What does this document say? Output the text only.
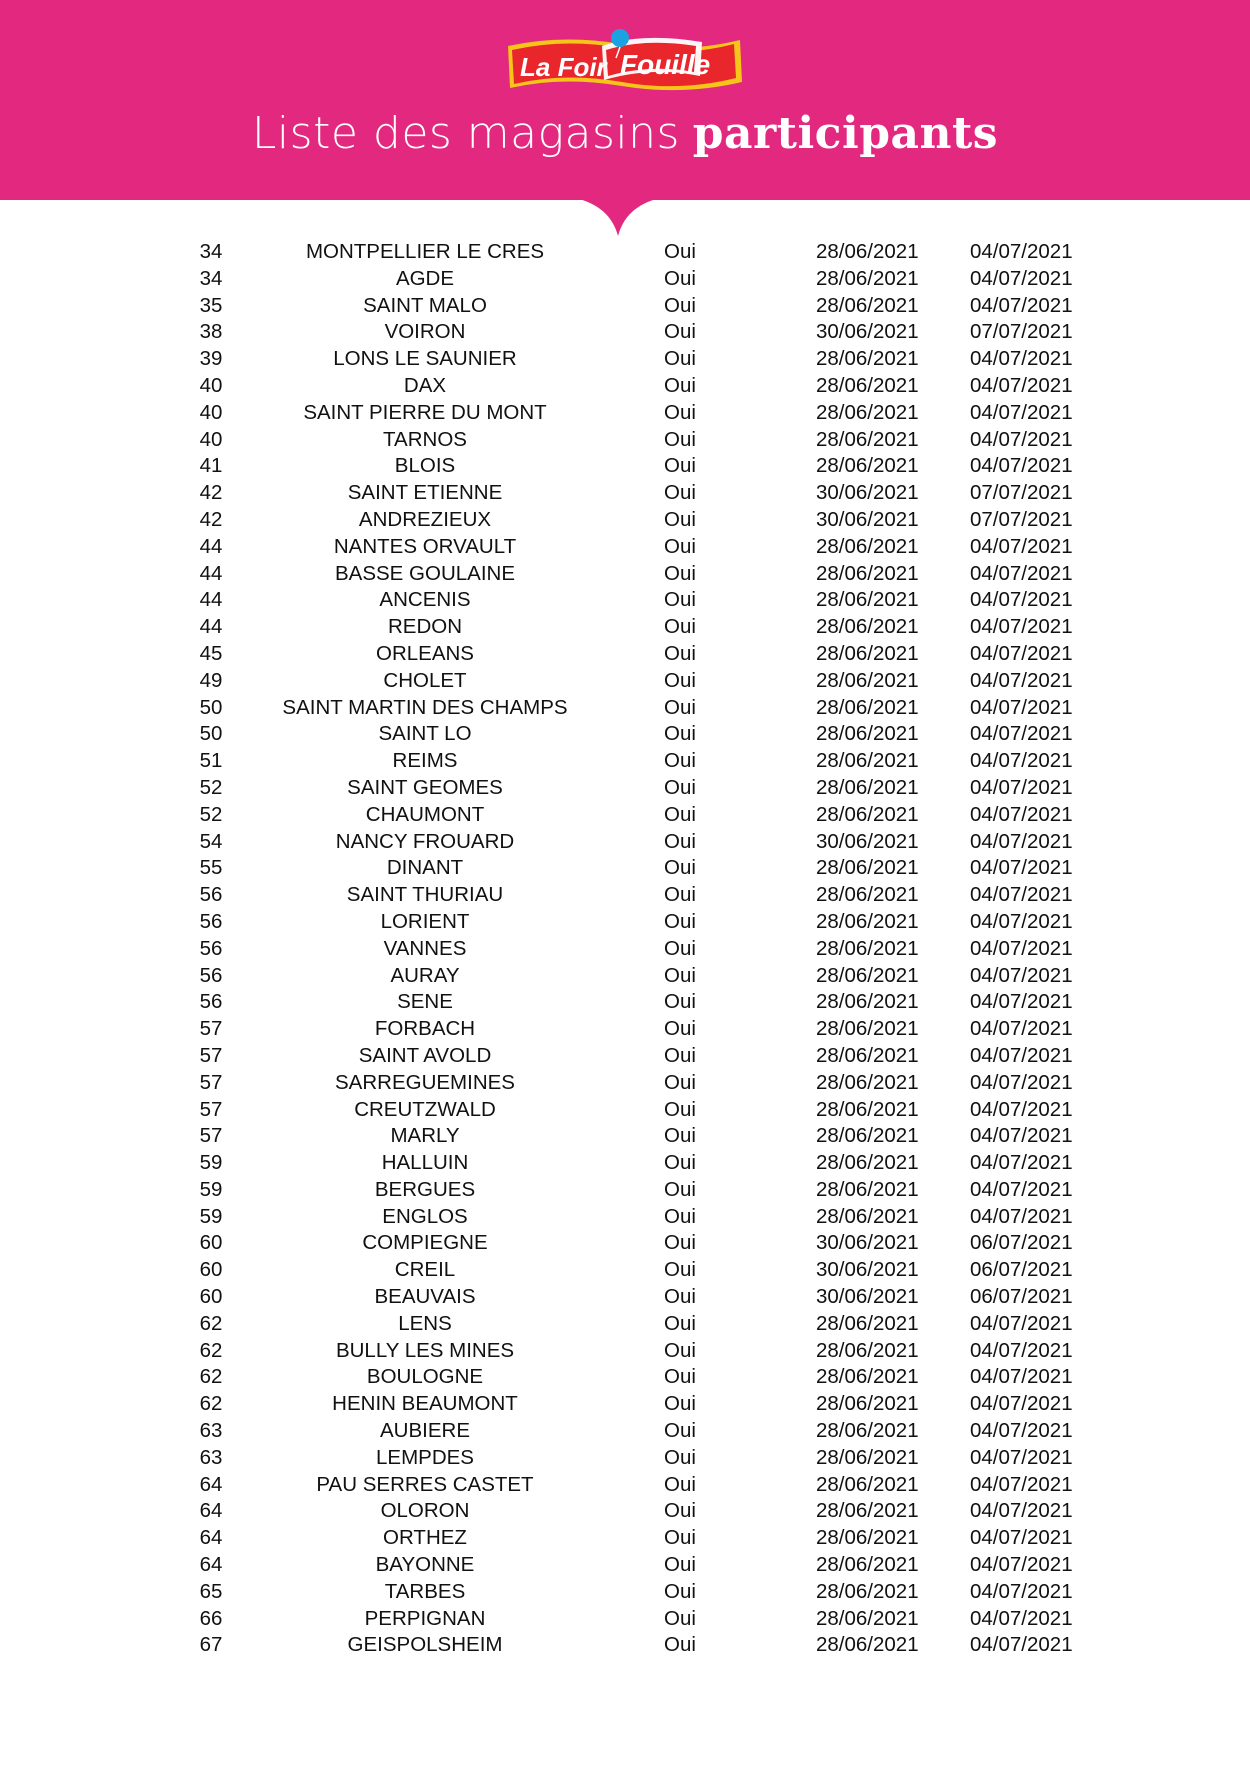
La Foir Fouille
Liste des magasins participants
34	MONTPELLIER LE CRES	Oui	28/06/2021	04/07/2021
34	AGDE	Oui	28/06/2021	04/07/2021
35	SAINT MALO	Oui	28/06/2021	04/07/2021
38	VOIRON	Oui	30/06/2021	07/07/2021
39	LONS LE SAUNIER	Oui	28/06/2021	04/07/2021
40	DAX	Oui	28/06/2021	04/07/2021
40	SAINT PIERRE DU MONT	Oui	28/06/2021	04/07/2021
40	TARNOS	Oui	28/06/2021	04/07/2021
41	BLOIS	Oui	28/06/2021	04/07/2021
42	SAINT ETIENNE	Oui	30/06/2021	07/07/2021
42	ANDREZIEUX	Oui	30/06/2021	07/07/2021
44	NANTES ORVAULT	Oui	28/06/2021	04/07/2021
44	BASSE GOULAINE	Oui	28/06/2021	04/07/2021
44	ANCENIS	Oui	28/06/2021	04/07/2021
44	REDON	Oui	28/06/2021	04/07/2021
45	ORLEANS	Oui	28/06/2021	04/07/2021
49	CHOLET	Oui	28/06/2021	04/07/2021
50	SAINT MARTIN DES CHAMPS	Oui	28/06/2021	04/07/2021
50	SAINT LO	Oui	28/06/2021	04/07/2021
51	REIMS	Oui	28/06/2021	04/07/2021
52	SAINT GEOMES	Oui	28/06/2021	04/07/2021
52	CHAUMONT	Oui	28/06/2021	04/07/2021
54	NANCY FROUARD	Oui	30/06/2021	04/07/2021
55	DINANT	Oui	28/06/2021	04/07/2021
56	SAINT THURIAU	Oui	28/06/2021	04/07/2021
56	LORIENT	Oui	28/06/2021	04/07/2021
56	VANNES	Oui	28/06/2021	04/07/2021
56	AURAY	Oui	28/06/2021	04/07/2021
56	SENE	Oui	28/06/2021	04/07/2021
57	FORBACH	Oui	28/06/2021	04/07/2021
57	SAINT AVOLD	Oui	28/06/2021	04/07/2021
57	SARREGUEMINES	Oui	28/06/2021	04/07/2021
57	CREUTZWALD	Oui	28/06/2021	04/07/2021
57	MARLY	Oui	28/06/2021	04/07/2021
59	HALLUIN	Oui	28/06/2021	04/07/2021
59	BERGUES	Oui	28/06/2021	04/07/2021
59	ENGLOS	Oui	28/06/2021	04/07/2021
60	COMPIEGNE	Oui	30/06/2021	06/07/2021
60	CREIL	Oui	30/06/2021	06/07/2021
60	BEAUVAIS	Oui	30/06/2021	06/07/2021
62	LENS	Oui	28/06/2021	04/07/2021
62	BULLY LES MINES	Oui	28/06/2021	04/07/2021
62	BOULOGNE	Oui	28/06/2021	04/07/2021
62	HENIN BEAUMONT	Oui	28/06/2021	04/07/2021
63	AUBIERE	Oui	28/06/2021	04/07/2021
63	LEMPDES	Oui	28/06/2021	04/07/2021
64	PAU SERRES CASTET	Oui	28/06/2021	04/07/2021
64	OLORON	Oui	28/06/2021	04/07/2021
64	ORTHEZ	Oui	28/06/2021	04/07/2021
64	BAYONNE	Oui	28/06/2021	04/07/2021
65	TARBES	Oui	28/06/2021	04/07/2021
66	PERPIGNAN	Oui	28/06/2021	04/07/2021
67	GEISPOLSHEIM	Oui	28/06/2021	04/07/2021
